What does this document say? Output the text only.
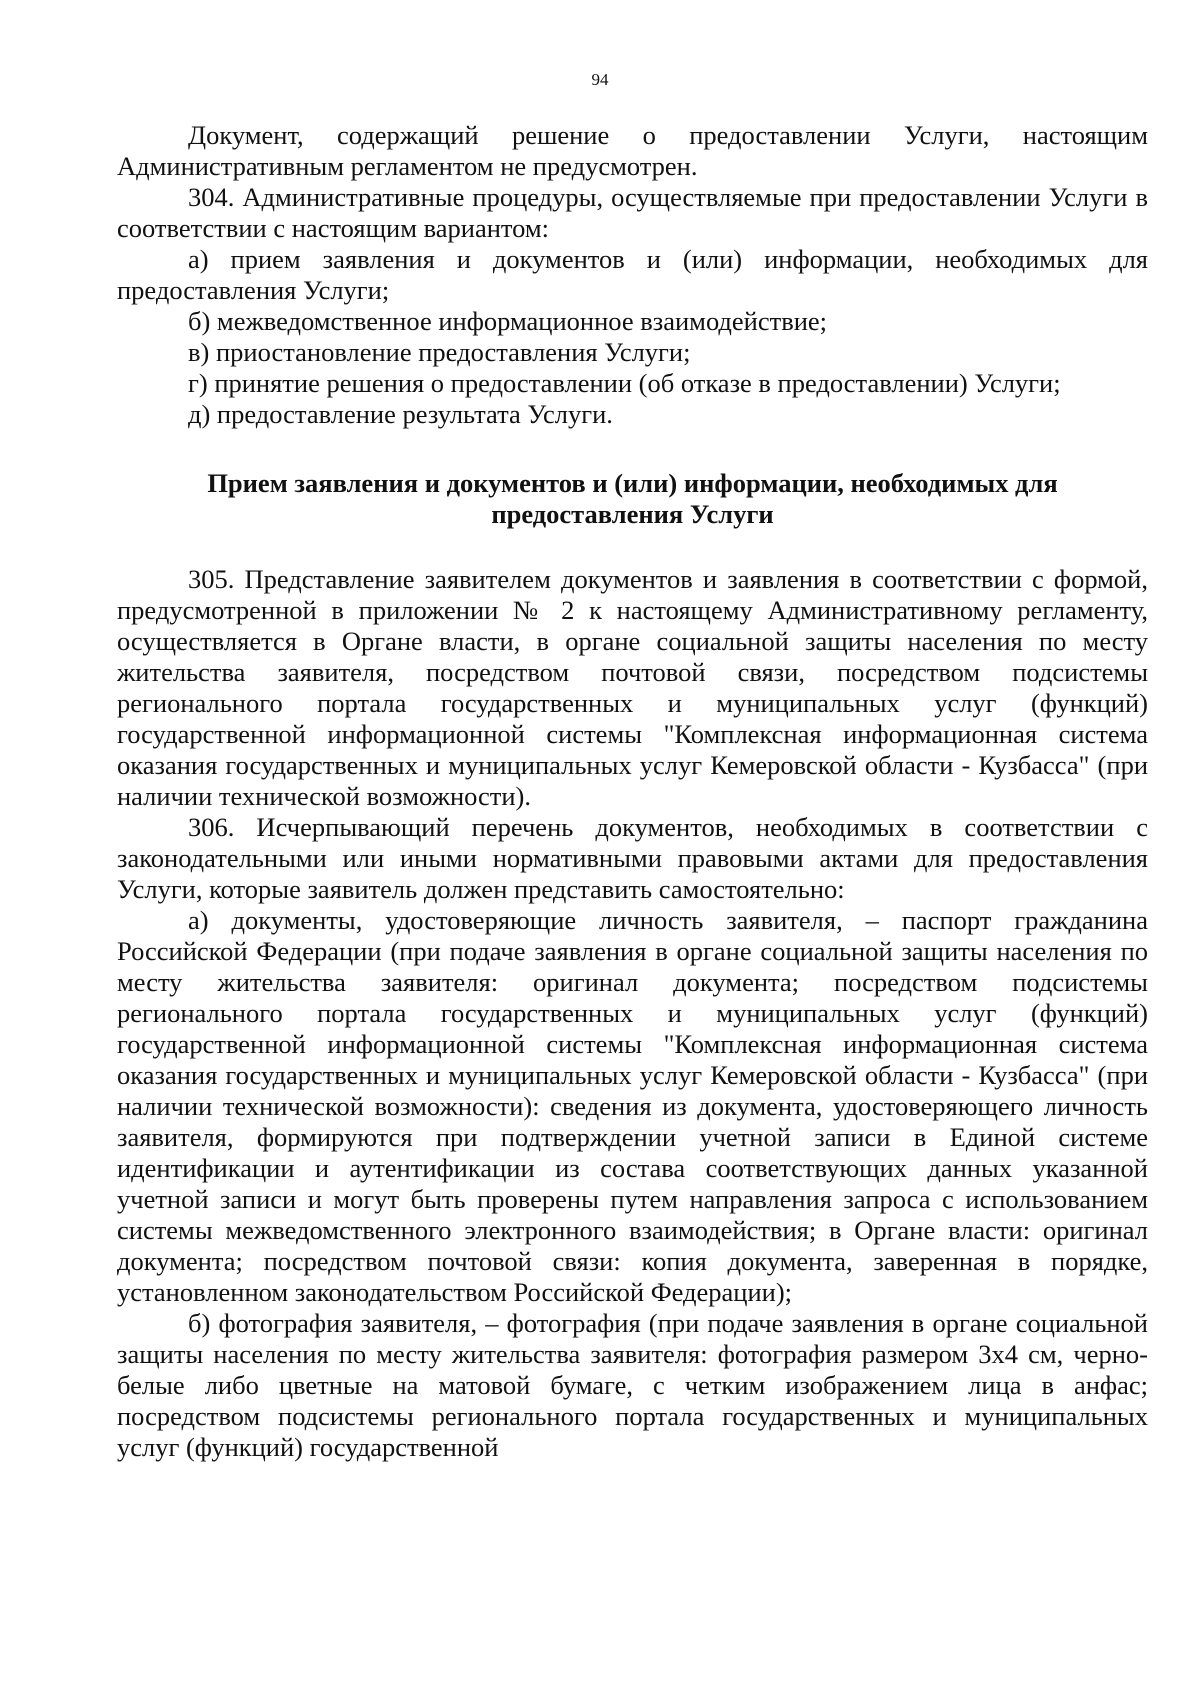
94

Документ, содержащий решение о предоставлении Услуги, настоящим Административным регламентом не предусмотрен.

304. Административные процедуры, осуществляемые при предоставлении Услуги в соответствии с настоящим вариантом:

а) прием заявления и документов и (или) информации, необходимых для предоставления Услуги;

б) межведомственное информационное взаимодействие;

в) приостановление предоставления Услуги;

г) принятие решения о предоставлении (об отказе в предоставлении) Услуги;

д) предоставление результата Услуги.

Прием заявления и документов и (или) информации, необходимых для предоставления Услуги

305. Представление заявителем документов и заявления в соответствии с формой, предусмотренной в приложении № 2 к настоящему Административному регламенту, осуществляется в Органе власти, в органе социальной защиты населения по месту жительства заявителя, посредством почтовой связи, посредством подсистемы регионального портала государственных и муниципальных услуг (функций) государственной информационной системы "Комплексная информационная система оказания государственных и муниципальных услуг Кемеровской области - Кузбасса" (при наличии технической возможности).

306. Исчерпывающий перечень документов, необходимых в соответствии с законодательными или иными нормативными правовыми актами для предоставления Услуги, которые заявитель должен представить самостоятельно:

а) документы, удостоверяющие личность заявителя, – паспорт гражданина Российской Федерации (при подаче заявления в органе социальной защиты населения по месту жительства заявителя: оригинал документа; посредством подсистемы регионального портала государственных и муниципальных услуг (функций) государственной информационной системы "Комплексная информационная система оказания государственных и муниципальных услуг Кемеровской области - Кузбасса" (при наличии технической возможности): сведения из документа, удостоверяющего личность заявителя, формируются при подтверждении учетной записи в Единой системе идентификации и аутентификации из состава соответствующих данных указанной учетной записи и могут быть проверены путем направления запроса с использованием системы межведомственного электронного взаимодействия; в Органе власти: оригинал документа; посредством почтовой связи: копия документа, заверенная в порядке, установленном законодательством Российской Федерации);

б) фотография заявителя, – фотография (при подаче заявления в органе социальной защиты населения по месту жительства заявителя: фотография размером 3х4 см, черно-белые либо цветные на матовой бумаге, с четким изображением лица в анфас; посредством подсистемы регионального портала государственных и муниципальных услуг (функций) государственной
